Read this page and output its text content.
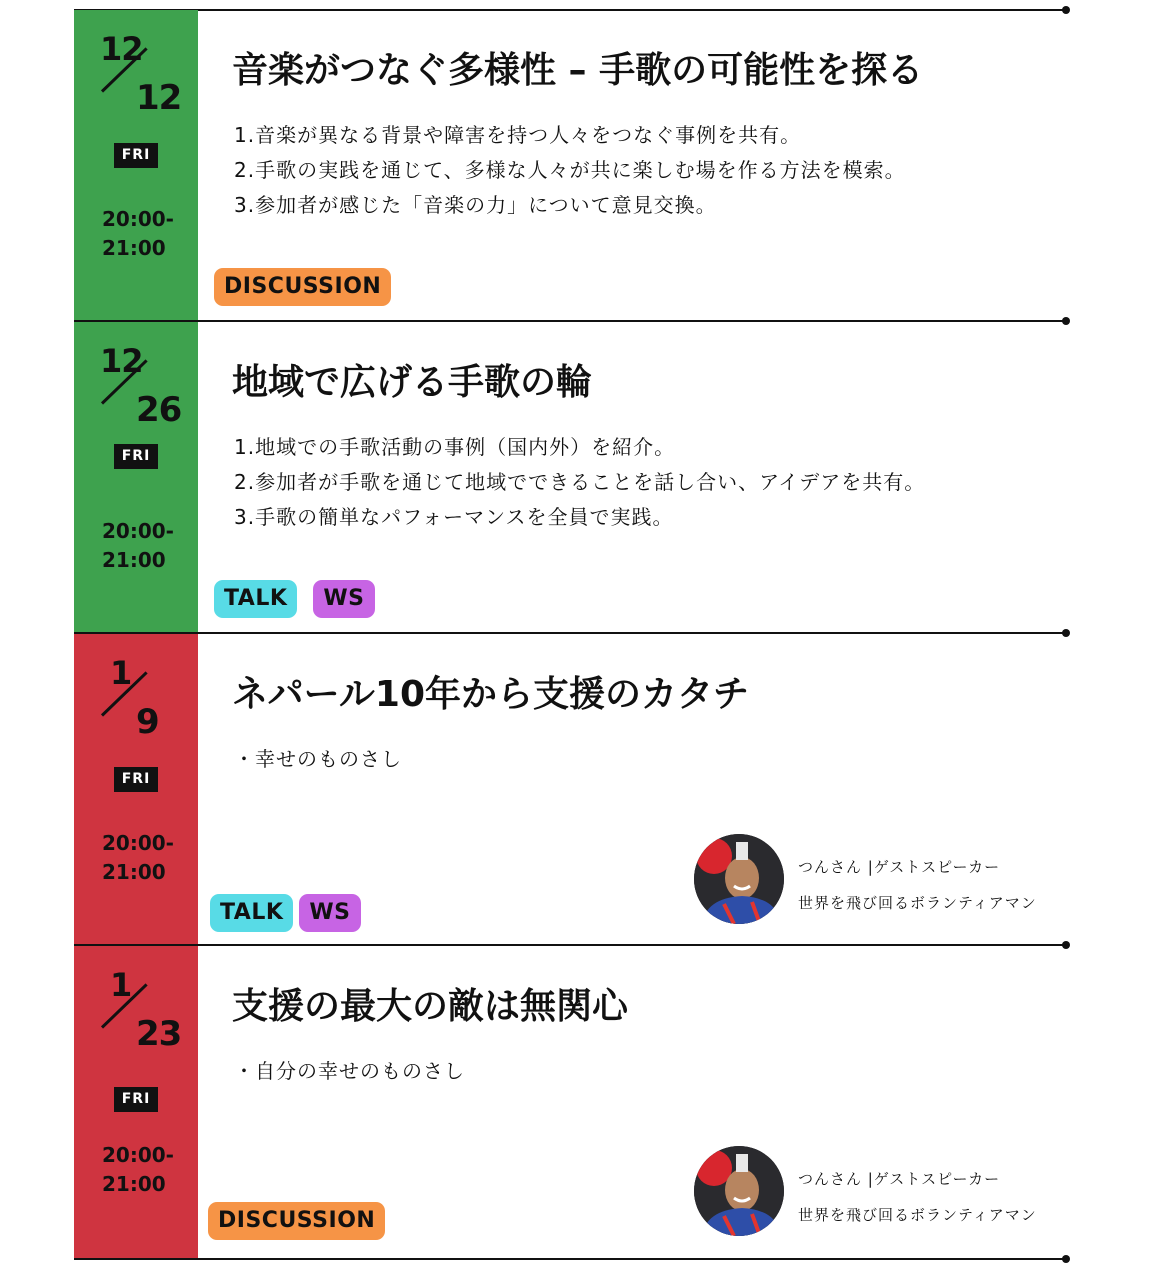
12
12
FRI
20:00-
21:00
音楽がつなぐ多様性 – 手歌の可能性を探る
1.音楽が異なる背景や障害を持つ人々をつなぐ事例を共有。
2.手歌の実践を通じて、多様な人々が共に楽しむ場を作る方法を模索。
3.参加者が感じた「音楽の力」について意見交換。
DISCUSSION
12
26
FRI
20:00-
21:00
地域で広げる手歌の輪
1.地域での手歌活動の事例（国内外）を紹介。
2.参加者が手歌を通じて地域でできることを話し合い、アイデアを共有。
3.手歌の簡単なパフォーマンスを全員で実践。
TALK	WS
1
9
FRI
20:00-
21:00
ネパール10年から支援のカタチ
・幸せのものさし
TALK	WS
つんさん |ゲストスピーカー
世界を飛び回るボランティアマン
1
23
FRI
20:00-
21:00
支援の最大の敵は無関心
・自分の幸せのものさし
DISCUSSION
つんさん |ゲストスピーカー
世界を飛び回るボランティアマン
